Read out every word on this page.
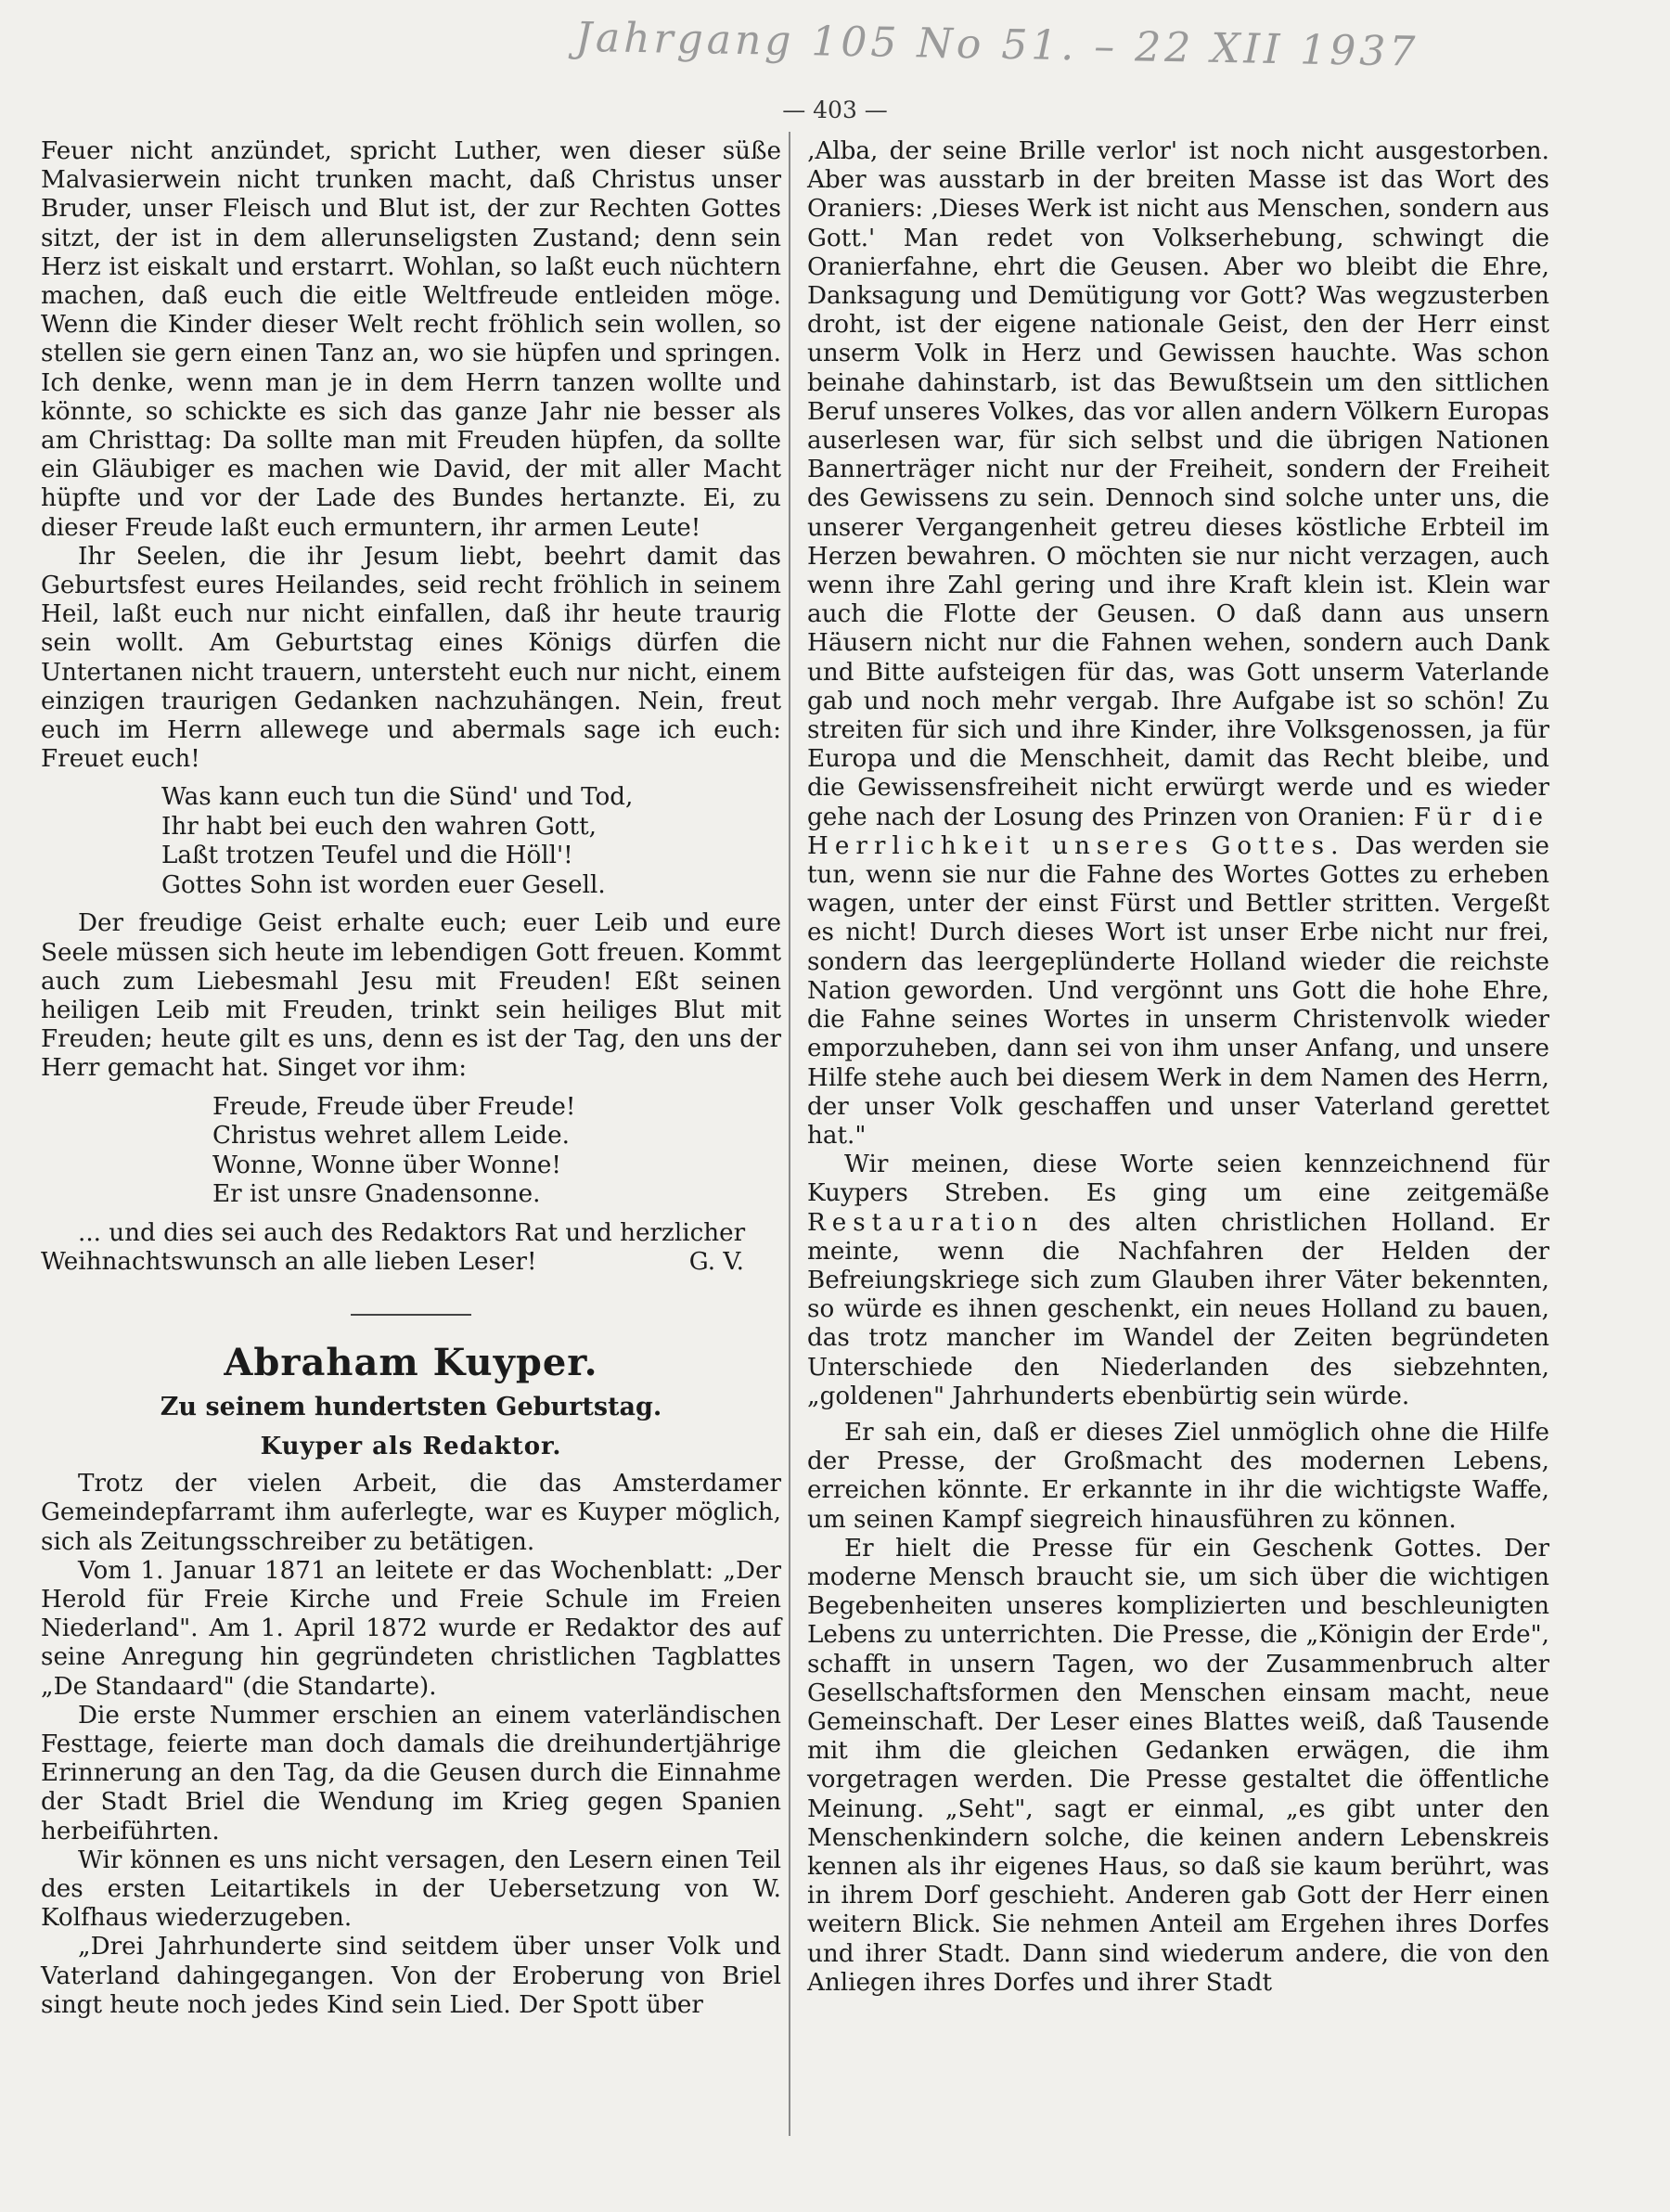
Jahrgang 105 No 51. – 22 XII 1937
— 403 —

Feuer nicht anzündet, spricht Luther, wen dieser süße Malvasierwein nicht trunken macht, daß Christus unser Bruder, unser Fleisch und Blut ist, der zur Rechten Gottes sitzt, der ist in dem allerunseligsten Zustand; denn sein Herz ist eiskalt und erstarrt. Wohlan, so laßt euch nüchtern machen, daß euch die eitle Weltfreude entleiden möge. Wenn die Kinder dieser Welt recht fröhlich sein wollen, so stellen sie gern einen Tanz an, wo sie hüpfen und springen. Ich denke, wenn man je in dem Herrn tanzen wollte und könnte, so schickte es sich das ganze Jahr nie besser als am Christtag: Da sollte man mit Freuden hüpfen, da sollte ein Gläubiger es machen wie David, der mit aller Macht hüpfte und vor der Lade des Bundes hertanzte. Ei, zu dieser Freude laßt euch ermuntern, ihr armen Leute!

Ihr Seelen, die ihr Jesum liebt, beehrt damit das Geburtsfest eures Heilandes, seid recht fröhlich in seinem Heil, laßt euch nur nicht einfallen, daß ihr heute traurig sein wollt. Am Geburtstag eines Königs dürfen die Untertanen nicht trauern, untersteht euch nur nicht, einem einzigen traurigen Gedanken nachzuhängen. Nein, freut euch im Herrn allewege und abermals sage ich euch: Freuet euch!

Was kann euch tun die Sünd' und Tod,
Ihr habt bei euch den wahren Gott,
Laßt trotzen Teufel und die Höll'!
Gottes Sohn ist worden euer Gesell.

Der freudige Geist erhalte euch; euer Leib und eure Seele müssen sich heute im lebendigen Gott freuen. Kommt auch zum Liebesmahl Jesu mit Freuden! Eßt seinen heiligen Leib mit Freuden, trinkt sein heiliges Blut mit Freuden; heute gilt es uns, denn es ist der Tag, den uns der Herr gemacht hat. Singet vor ihm:

Freude, Freude über Freude!
Christus wehret allem Leide.
Wonne, Wonne über Wonne!
Er ist unsre Gnadensonne.

... und dies sei auch des Redaktors Rat und herzlicher

Weihnachtswunsch an alle lieben Leser!	G. V.
Abraham Kuyper.
Zu seinem hundertsten Geburtstag.
Kuyper als Redaktor.

Trotz der vielen Arbeit, die das Amsterdamer Gemeindepfarramt ihm auferlegte, war es Kuyper möglich, sich als Zeitungsschreiber zu betätigen.

Vom 1. Januar 1871 an leitete er das Wochenblatt: „Der Herold für Freie Kirche und Freie Schule im Freien Niederland". Am 1. April 1872 wurde er Redaktor des auf seine Anregung hin gegründeten christlichen Tagblattes „De Standaard" (die Standarte).

Die erste Nummer erschien an einem vaterländischen Festtage, feierte man doch damals die dreihundertjährige Erinnerung an den Tag, da die Geusen durch die Einnahme der Stadt Briel die Wendung im Krieg gegen Spanien herbeiführten.

Wir können es uns nicht versagen, den Lesern einen Teil des ersten Leitartikels in der Uebersetzung von W. Kolfhaus wiederzugeben.

„Drei Jahrhunderte sind seitdem über unser Volk und Vaterland dahingegangen. Von der Eroberung von Briel singt heute noch jedes Kind sein Lied. Der Spott über

‚Alba, der seine Brille verlor' ist noch nicht ausgestorben. Aber was ausstarb in der breiten Masse ist das Wort des Oraniers: ‚Dieses Werk ist nicht aus Menschen, sondern aus Gott.' Man redet von Volkserhebung, schwingt die Oranierfahne, ehrt die Geusen. Aber wo bleibt die Ehre, Danksagung und Demütigung vor Gott? Was wegzusterben droht, ist der eigene nationale Geist, den der Herr einst unserm Volk in Herz und Gewissen hauchte. Was schon beinahe dahinstarb, ist das Bewußtsein um den sittlichen Beruf unseres Volkes, das vor allen andern Völkern Europas auserlesen war, für sich selbst und die übrigen Nationen Bannerträger nicht nur der Freiheit, sondern der Freiheit des Gewissens zu sein. Dennoch sind solche unter uns, die unserer Vergangenheit getreu dieses köstliche Erbteil im Herzen bewahren. O möchten sie nur nicht verzagen, auch wenn ihre Zahl gering und ihre Kraft klein ist. Klein war auch die Flotte der Geusen. O daß dann aus unsern Häusern nicht nur die Fahnen wehen, sondern auch Dank und Bitte aufsteigen für das, was Gott unserm Vaterlande gab und noch mehr vergab. Ihre Aufgabe ist so schön! Zu streiten für sich und ihre Kinder, ihre Volksgenossen, ja für Europa und die Menschheit, damit das Recht bleibe, und die Gewissensfreiheit nicht erwürgt werde und es wieder gehe nach der Losung des Prinzen von Oranien: Für die Herrlichkeit unseres Gottes. Das werden sie tun, wenn sie nur die Fahne des Wortes Gottes zu erheben wagen, unter der einst Fürst und Bettler stritten. Vergeßt es nicht! Durch dieses Wort ist unser Erbe nicht nur frei, sondern das leergeplünderte Holland wieder die reichste Nation geworden. Und vergönnt uns Gott die hohe Ehre, die Fahne seines Wortes in unserm Christenvolk wieder emporzuheben, dann sei von ihm unser Anfang, und unsere Hilfe stehe auch bei diesem Werk in dem Namen des Herrn, der unser Volk geschaffen und unser Vaterland gerettet hat."

Wir meinen, diese Worte seien kennzeichnend für Kuypers Streben. Es ging um eine zeitgemäße Restauration des alten christlichen Holland. Er meinte, wenn die Nachfahren der Helden der Befreiungskriege sich zum Glauben ihrer Väter bekennten, so würde es ihnen geschenkt, ein neues Holland zu bauen, das trotz mancher im Wandel der Zeiten begründeten Unterschiede den Niederlanden des siebzehnten, „goldenen" Jahrhunderts ebenbürtig sein würde.

Er sah ein, daß er dieses Ziel unmöglich ohne die Hilfe der Presse, der Großmacht des modernen Lebens, erreichen könnte. Er erkannte in ihr die wichtigste Waffe, um seinen Kampf siegreich hinausführen zu können.

Er hielt die Presse für ein Geschenk Gottes. Der moderne Mensch braucht sie, um sich über die wichtigen Begebenheiten unseres komplizierten und beschleunigten Lebens zu unterrichten. Die Presse, die „Königin der Erde", schafft in unsern Tagen, wo der Zusammenbruch alter Gesellschaftsformen den Menschen einsam macht, neue Gemeinschaft. Der Leser eines Blattes weiß, daß Tausende mit ihm die gleichen Gedanken erwägen, die ihm vorgetragen werden. Die Presse gestaltet die öffentliche Meinung. „Seht", sagt er einmal, „es gibt unter den Menschenkindern solche, die keinen andern Lebenskreis kennen als ihr eigenes Haus, so daß sie kaum berührt, was in ihrem Dorf geschieht. Anderen gab Gott der Herr einen weitern Blick. Sie nehmen Anteil am Ergehen ihres Dorfes und ihrer Stadt. Dann sind wiederum andere, die von den Anliegen ihres Dorfes und ihrer Stadt
